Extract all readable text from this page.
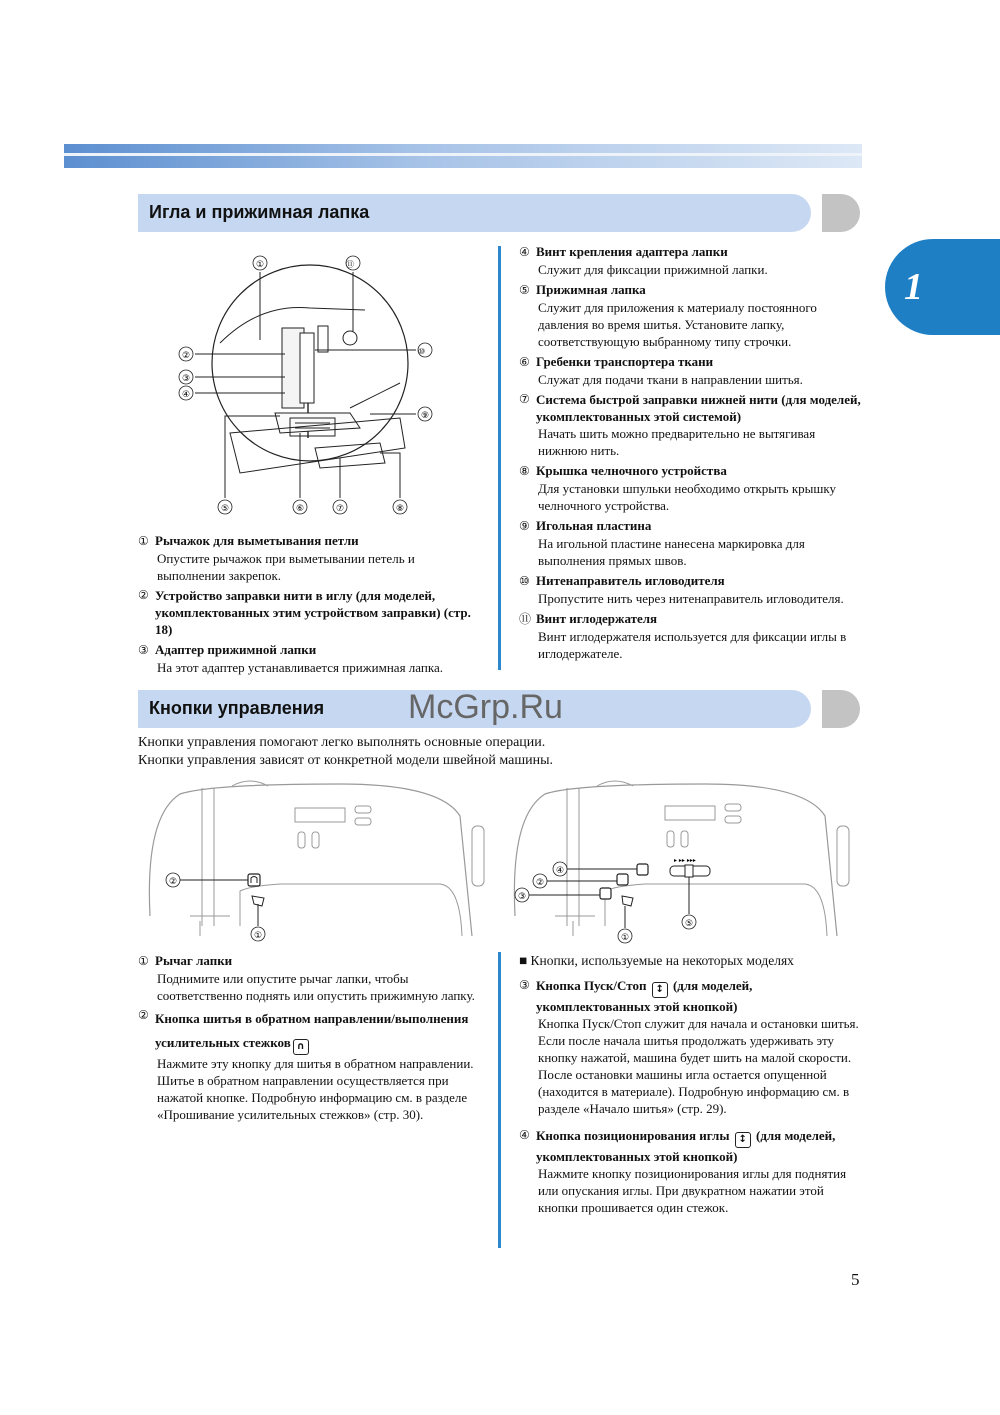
1
Игла и прижимная лапка
①	⑪
②
③
④
⑩
⑨
⑤	⑥	⑦	⑧
① Рычажок для выметывания петли
Опустите рычажок при выметывании петель и выполнении закрепок.
② Устройство заправки нити в иглу (для моделей, укомплектованных этим устройством заправки) (стр. 18)
③ Адаптер прижимной лапки
На этот адаптер устанавливается прижимная лапка.
④ Винт крепления адаптера лапки
Служит для фиксации прижимной лапки.
⑤ Прижимная лапка
Служит для приложения к материалу постоянного давления во время шитья. Установите лапку, соответствующую выбранному типу строчки.
⑥ Гребенки транспортера ткани
Служат для подачи ткани в направлении шитья.
⑦ Система быстрой заправки нижней нити (для моделей, укомплектованных этой системой)
Начать шить можно предварительно не вытягивая нижнюю нить.
⑧ Крышка челночного устройства
Для установки шпульки необходимо открыть крышку челночного устройства.
⑨ Игольная пластина
На игольной пластине нанесена маркировка для выполнения прямых швов.
⑩ Нитенаправитель игловодителя
Пропустите нить через нитенаправитель игловодителя.
⑪ Винт иглодержателя
Винт иглодержателя используется для фиксации иглы в иглодержателе.
Кнопки управления McGrp.Ru
Кнопки управления помогают легко выполнять основные операции.
Кнопки управления зависят от конкретной модели швейной машины.
②
①
▸ ▸▸ ▸▸▸
④
②
③
①
⑤
① Рычаг лапки
Поднимите или опустите рычаг лапки, чтобы соответственно поднять или опустить прижимную лапку.
② Кнопка шитья в обратном направлении/выполнения усилительных стежков ∩
Нажмите эту кнопку для шитья в обратном направлении. Шитье в обратном направлении осуществляется при нажатой кнопке. Подробную информацию см. в разделе «Прошивание усилительных стежков» (стр. 30).
■ Кнопки, используемые на некоторых моделях
③ Кнопка Пуск/Стоп ↕ (для моделей, укомплектованных этой кнопкой)
Кнопка Пуск/Стоп служит для начала и остановки шитья. Если после начала шитья продолжать удерживать эту кнопку нажатой, машина будет шить на малой скорости. После остановки машины игла остается опущенной (находится в материале). Подробную информацию см. в разделе «Начало шитья» (стр. 29).
④ Кнопка позиционирования иглы ↕ (для моделей, укомплектованных этой кнопкой)
Нажмите кнопку позиционирования иглы для поднятия или опускания иглы. При двукратном нажатии этой кнопки прошивается один стежок.
5
